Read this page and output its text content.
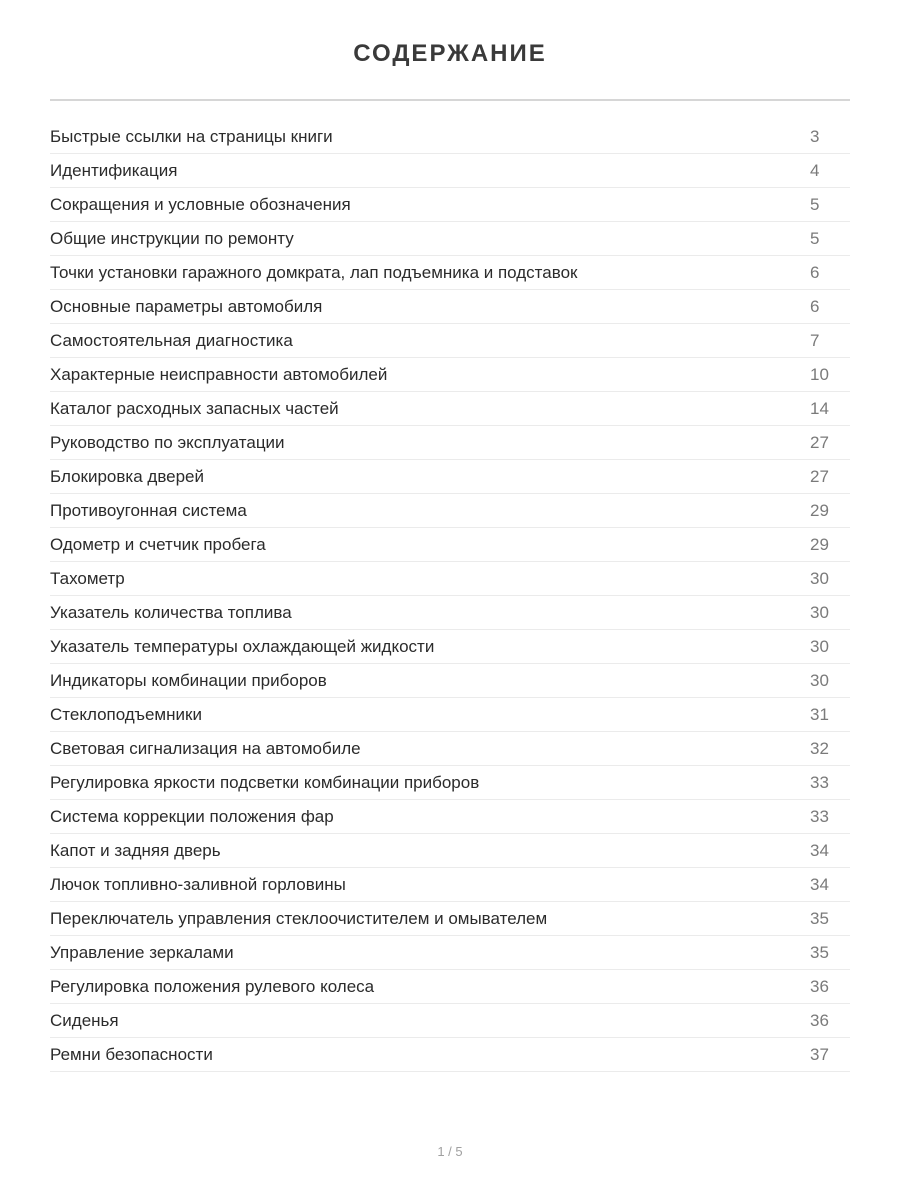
СОДЕРЖАНИЕ
Быстрые ссылки на страницы книги	3
Идентификация	4
Сокращения и условные обозначения	5
Общие инструкции по ремонту	5
Точки установки гаражного домкрата, лап подъемника и подставок	6
Основные параметры автомобиля	6
Самостоятельная диагностика	7
Характерные неисправности автомобилей	10
Каталог расходных запасных частей	14
Руководство по эксплуатации	27
Блокировка дверей	27
Противоугонная система	29
Одометр и счетчик пробега	29
Тахометр	30
Указатель количества топлива	30
Указатель температуры охлаждающей жидкости	30
Индикаторы комбинации приборов	30
Стеклоподъемники	31
Световая сигнализация на автомобиле	32
Регулировка яркости подсветки комбинации приборов	33
Система коррекции положения фар	33
Капот и задняя дверь	34
Лючок топливно-заливной горловины	34
Переключатель управления стеклоочистителем и омывателем	35
Управление зеркалами	35
Регулировка положения рулевого колеса	36
Сиденья	36
Ремни безопасности	37
1 / 5
